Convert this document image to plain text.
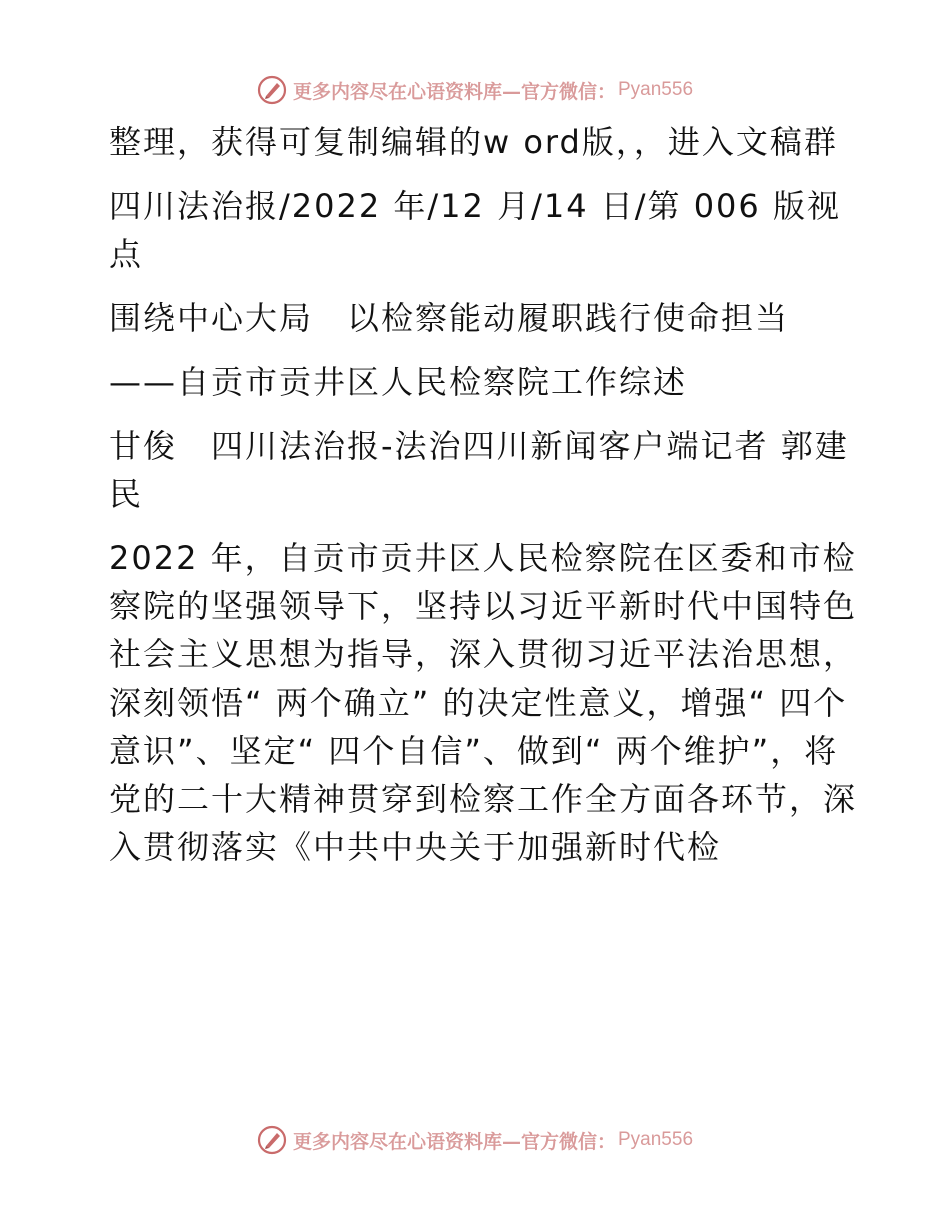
更多内容尽在心语资料库—官方微信： Pyan556

整理，获得可复制编辑的w ord版，，进入文稿群

四川法治报/2022 年/12 月/14 日/第 006 版视点

围绕中心大局　以检察能动履职践行使命担当

——自贡市贡井区人民检察院工作综述

甘俊　四川法治报-法治四川新闻客户端记者 郭建民

2022 年，自贡市贡井区人民检察院在区委和市检察院的坚强领导下，坚持以习近平新时代中国特色社会主义思想为指导，深入贯彻习近平法治思想，深刻领悟“ 两个确立” 的决定性意义，增强“ 四个意识”、坚定“ 四个自信”、做到“ 两个维护”，将党的二十大精神贯穿到检察工作全方面各环节，深入贯彻落实《中共中央关于加强新时代检

更多内容尽在心语资料库—官方微信： Pyan556
